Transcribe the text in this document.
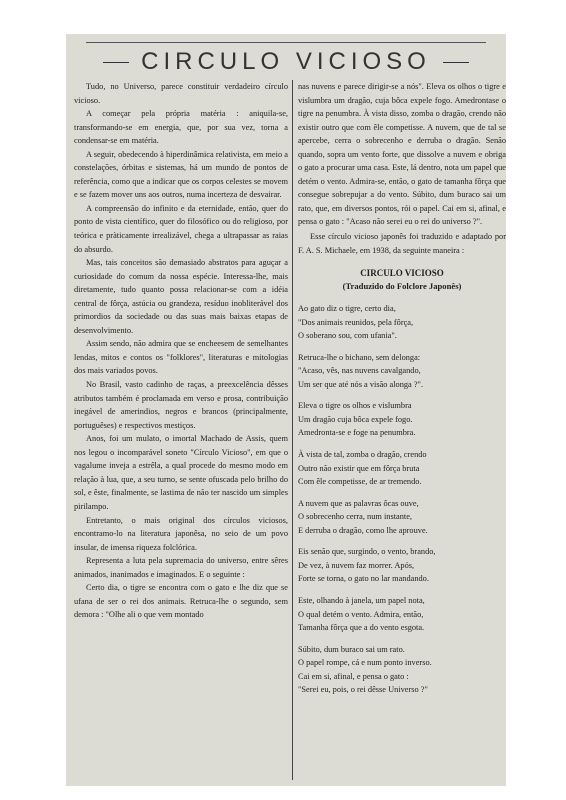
CIRCULO VICIOSO

Tudo, no Universo, parece constituir verdadeiro círculo vicioso.

A começar pela própria matéria : aniquila-se, transformando-se em energia, que, por sua vez, torna a condensar-se em matéria.

A seguir, obedecendo à hiperdinâmica relativista, em meio a constelações, órbitas e sistemas, há um mundo de pontos de referência, como que a indicar que os corpos celestes se movem e se fazem mover uns aos outros, numa incerteza de desvairar.

A compreensão do infinito e da eternidade, então, quer do ponto de vista científico, quer do filosófico ou do religioso, por teórica e pràticamente irrealizável, chega a ultrapassar as raias do absurdo.

Mas, tais conceitos são demasiado abstratos para aguçar a curiosidade do comum da nossa espécie. Interessa-lhe, mais diretamente, tudo quanto possa relacionar-se com a idéia central de fôrça, astúcia ou grandeza, resíduo inobliterável dos primordios da sociedade ou das suas mais baixas etapas de desenvolvimento.

Assim sendo, não admira que se encheesem de semelhantes lendas, mitos e contos os "folklores", literaturas e mitologias dos mais variados povos.

No Brasil, vasto cadinho de raças, a preexcelência dêsses atributos também é proclamada em verso e prosa, contribuição inegável de amerindios, negros e brancos (principalmente, portuguêses) e respectivos mestiços.

Anos, foi um mulato, o imortal Machado de Assis, quem nos legou o incomparável soneto "Círculo Vicioso", em que o vagalume inveja a estrêla, a qual procede do mesmo modo em relação à lua, que, a seu turno, se sente ofuscada pelo brilho do sol, e êste, finalmente, se lastima de não ter nascido um simples pirilampo.

Entretanto, o mais original dos círculos viciosos, encontramo-lo na literatura japonêsa, no seio de um povo insular, de imensa riqueza folclórica.

Representa a luta pela supremacia do universo, entre sêres animados, inanimados e imaginados. E o seguinte :

Certo dia, o tigre se encontra com o gato e lhe diz que se ufana de ser o rei dos animais. Retruca-lhe o segundo, sem demora : "Olhe ali o que vem montado

nas nuvens e parece dirigir-se a nós". Eleva os olhos o tigre e vislumbra um dragão, cuja bôca expele fogo. Amedrontase o tigre na penumbra. À vista disso, zomba o dragão, crendo não existir outro que com êle competisse. A nuvem, que de tal se apercebe, cerra o sobrecenho e derruba o dragão. Senão quando, sopra um vento forte, que dissolve a nuvem e obriga o gato a procurar uma casa. Este, lá dentro, nota um papel que detém o vento. Admira-se, então, o gato de tamanha fôrça que consegue sobrepujar a do vento. Súbito, dum buraco sai um rato, que, em diversos pontos, rói o papel. Cai em si, afinal, e pensa o gato : "Acaso não serei eu o rei do universo ?".

Esse círculo vicioso japonês foi traduzido e adaptado por F. A. S. Michaele, em 1938, da seguinte maneira :

CIRCULO VICIOSO
(Traduzido do Folclore Japonês)
Ao gato diz o tigre, certo dia,
"Dos animais reunidos, pela fôrça,
O soberano sou, com ufania".
Retruca-lhe o bichano, sem delonga:
"Acaso, vês, nas nuvens cavalgando,
Um ser que até nós a visão alonga ?".
Eleva o tigre os olhos e vislumbra
Um dragão cuja bôca expele fogo.
Amedronta-se e foge na penumbra.
À vista de tal, zomba o dragão, crendo
Outro não existir que em fôrça bruta
Com êle competisse, de ar tremendo.
A nuvem que as palavras ôcas ouve,
O sobrecenho cerra, num instante,
E derruba o dragão, como lhe aprouve.
Eis senão que, surgindo, o vento, brando,
De vez, à nuvem faz morrer. Após,
Forte se torna, o gato no lar mandando.
Este, olhando à janela, um papel nota,
O qual detém o vento. Admira, então,
Tamanha fôrça que a do vento esgota.
Súbito, dum buraco sai um rato.
O papel rompe, cá e num ponto inverso.
Cai em si, afinal, e pensa o gato :
"Serei eu, pois, o rei dêsse Universo ?"
